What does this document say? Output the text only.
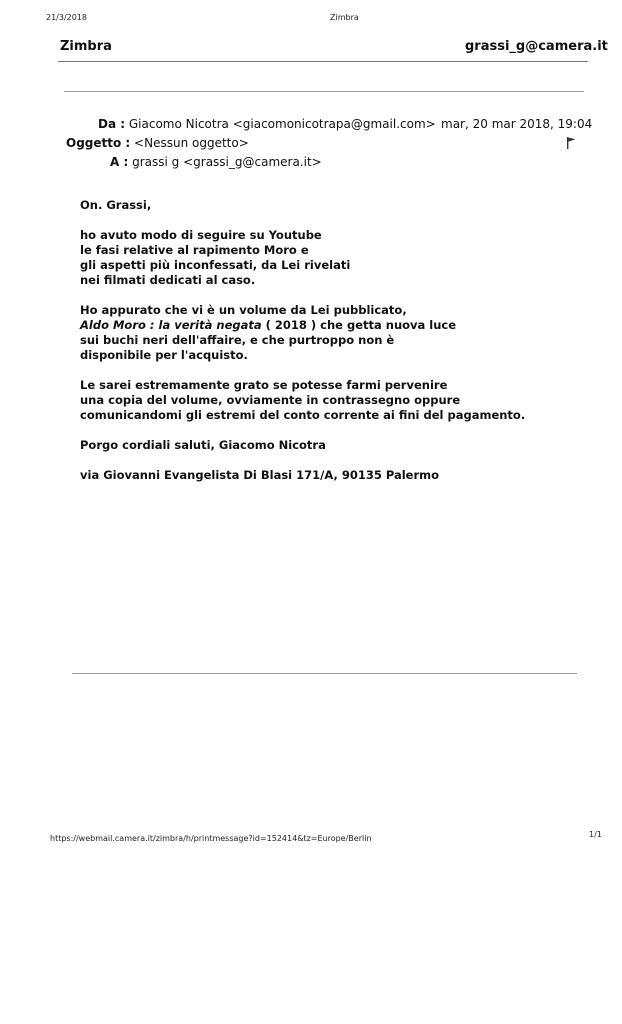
21/3/2018	Zimbra
Zimbra	grassi_g@camera.it
Da : Giacomo Nicotra <giacomonicotrapa@gmail.com>
Oggetto : <Nessun oggetto>
A : grassi g <grassi_g@camera.it>
mar, 20 mar 2018, 19:04

On. Grassi,

ho avuto modo di seguire su Youtube
le fasi relative al rapimento Moro e
gli aspetti più inconfessati, da Lei rivelati
nei filmati dedicati al caso.

Ho appurato che vi è un volume da Lei pubblicato,
Aldo Moro : la verità negata ( 2018 ) che getta nuova luce
sui buchi neri dell'affaire, e che purtroppo non è
disponibile per l'acquisto.

Le sarei estremamente grato se potesse farmi pervenire
una copia del volume, ovviamente in contrassegno oppure
comunicandomi gli estremi del conto corrente ai fini del pagamento.

Porgo cordiali saluti, Giacomo Nicotra

via Giovanni Evangelista Di Blasi 171/A, 90135 Palermo

https://webmail.camera.it/zimbra/h/printmessage?id=152414&tz=Europe/Berlin	1/1
